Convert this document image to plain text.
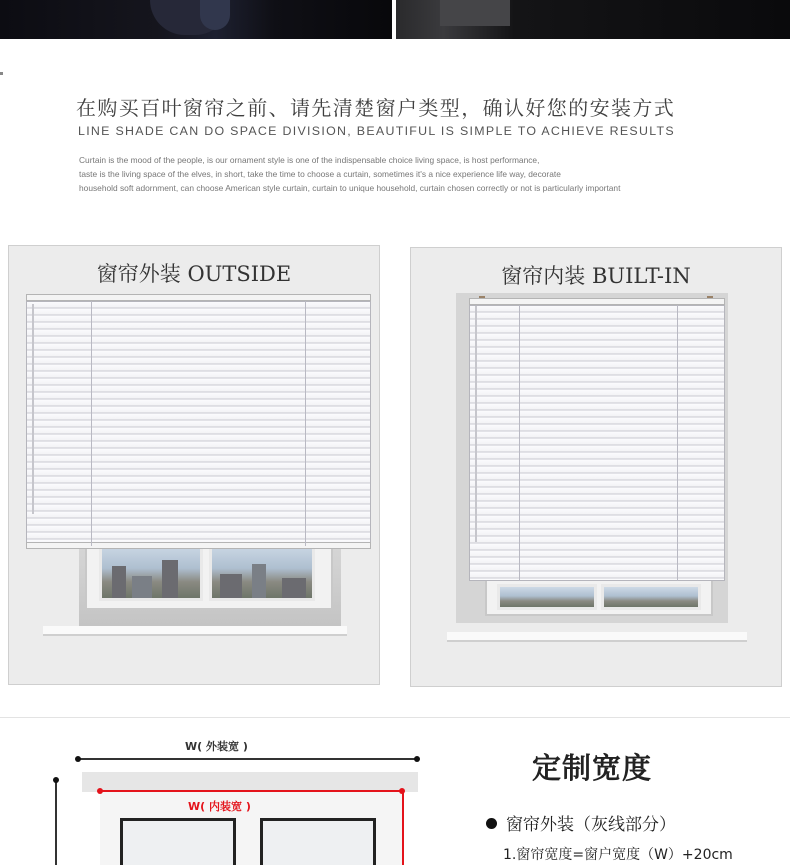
在购买百叶窗帘之前、请先清楚窗户类型，确认好您的安装方式
LINE SHADE CAN DO SPACE DIVISION, BEAUTIFUL IS SIMPLE TO ACHIEVE RESULTS
Curtain is the mood of the people, is our ornament style is one of the indispensable choice living space, is host performance,
taste is the living space of the elves, in short, take the time to choose a curtain, sometimes it's a nice experience life way, decorate
household soft adornment, can choose American style curtain, curtain to unique household, curtain chosen correctly or not is particularly important
窗帘外装 OUTSIDE	窗帘内装 BUILT-IN
W( 外装宽 )
W( 内装宽 )
定制宽度
窗帘外装（灰线部分）
1.窗帘宽度=窗户宽度（W）+20cm
